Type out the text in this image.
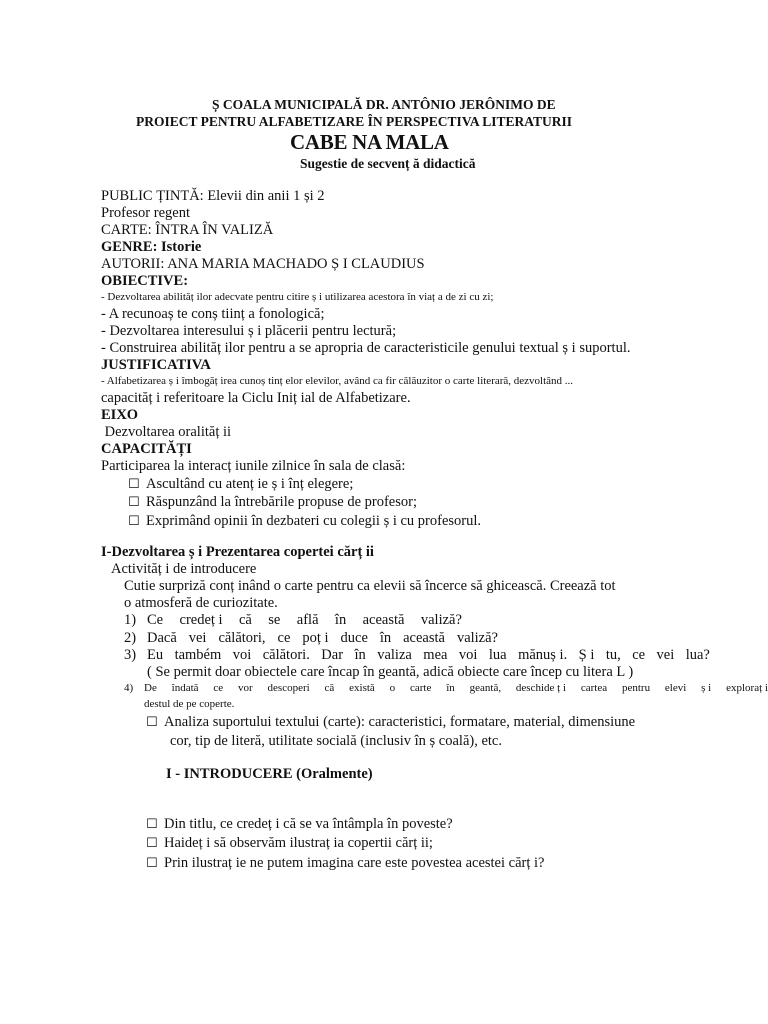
Ș COALA MUNICIPALĂ DR. ANTÔNIO JERÔNIMO DE
PROIECT PENTRU ALFABETIZARE ÎN PERSPECTIVA LITERATURII
CABE NA MALA
Sugestie de secvenț ă didactică
PUBLIC ȚINTĂ: Elevii din anii 1 și 2
Profesor regent
CARTE: ÎNTRA ÎN VALIZĂ
GENRE: Istorie
AUTORII: ANA MARIA MACHADO Ș I CLAUDIUS
OBIECTIVE:
- Dezvoltarea abilităț ilor adecvate pentru citire ș i utilizarea acestora în viaț a de zi cu zi;
- A recunoaș te conș tiinț a fonologică;
- Dezvoltarea interesului ș i plăcerii pentru lectură;
- Construirea abilităț ilor pentru a se apropria de caracteristicile genului textual ș i suportul.
JUSTIFICATIVA
- Alfabetizarea ș i îmbogăț irea cunoș tinț elor elevilor, având ca fir călăuzitor o carte literară, dezvoltând ...
capacităț i referitoare la Ciclu Iniț ial de Alfabetizare.
EIXO
Dezvoltarea oralităț ii
CAPACITĂȚI
Participarea la interacț iunile zilnice în sala de clasă:
☐ Ascultând cu atenț ie ș i înț elegere;
☐ Răspunzând la întrebările propuse de profesor;
☐ Exprimând opinii în dezbateri cu colegii ș i cu profesorul.
I-Dezvoltarea ș i Prezentarea copertei cărț ii
Activităț i de introducere
Cutie surpriză conț inând o carte pentru ca elevii să încerce să ghicească. Creează tot
o atmosferă de curiozitate.
1) Ce credeț i că se află în această valiză?
2) Dacă vei călători, ce poț i duce în această valiză?
3) Eu também voi călători. Dar în valiza mea voi lua mănuș i. Ș i tu, ce vei lua?
( Se permit doar obiectele care încap în geantă, adică obiecte care încep cu litera L )
4) De îndată ce vor descoperi că există o carte în geantă, deschide ț i cartea pentru elevi ș i exploraț i
destul de pe coperte.
☐ Analiza suportului textului (carte): caracteristici, formatare, material, dimensiune
cor, tip de literă, utilitate socială (inclusiv în ș coală), etc.
I - INTRODUCERE (Oralmente)
☐ Din titlu, ce credeț i că se va întâmpla în poveste?
☐ Haideț i să observăm ilustraț ia copertii cărț ii;
☐ Prin ilustraț ie ne putem imagina care este povestea acestei cărț i?
